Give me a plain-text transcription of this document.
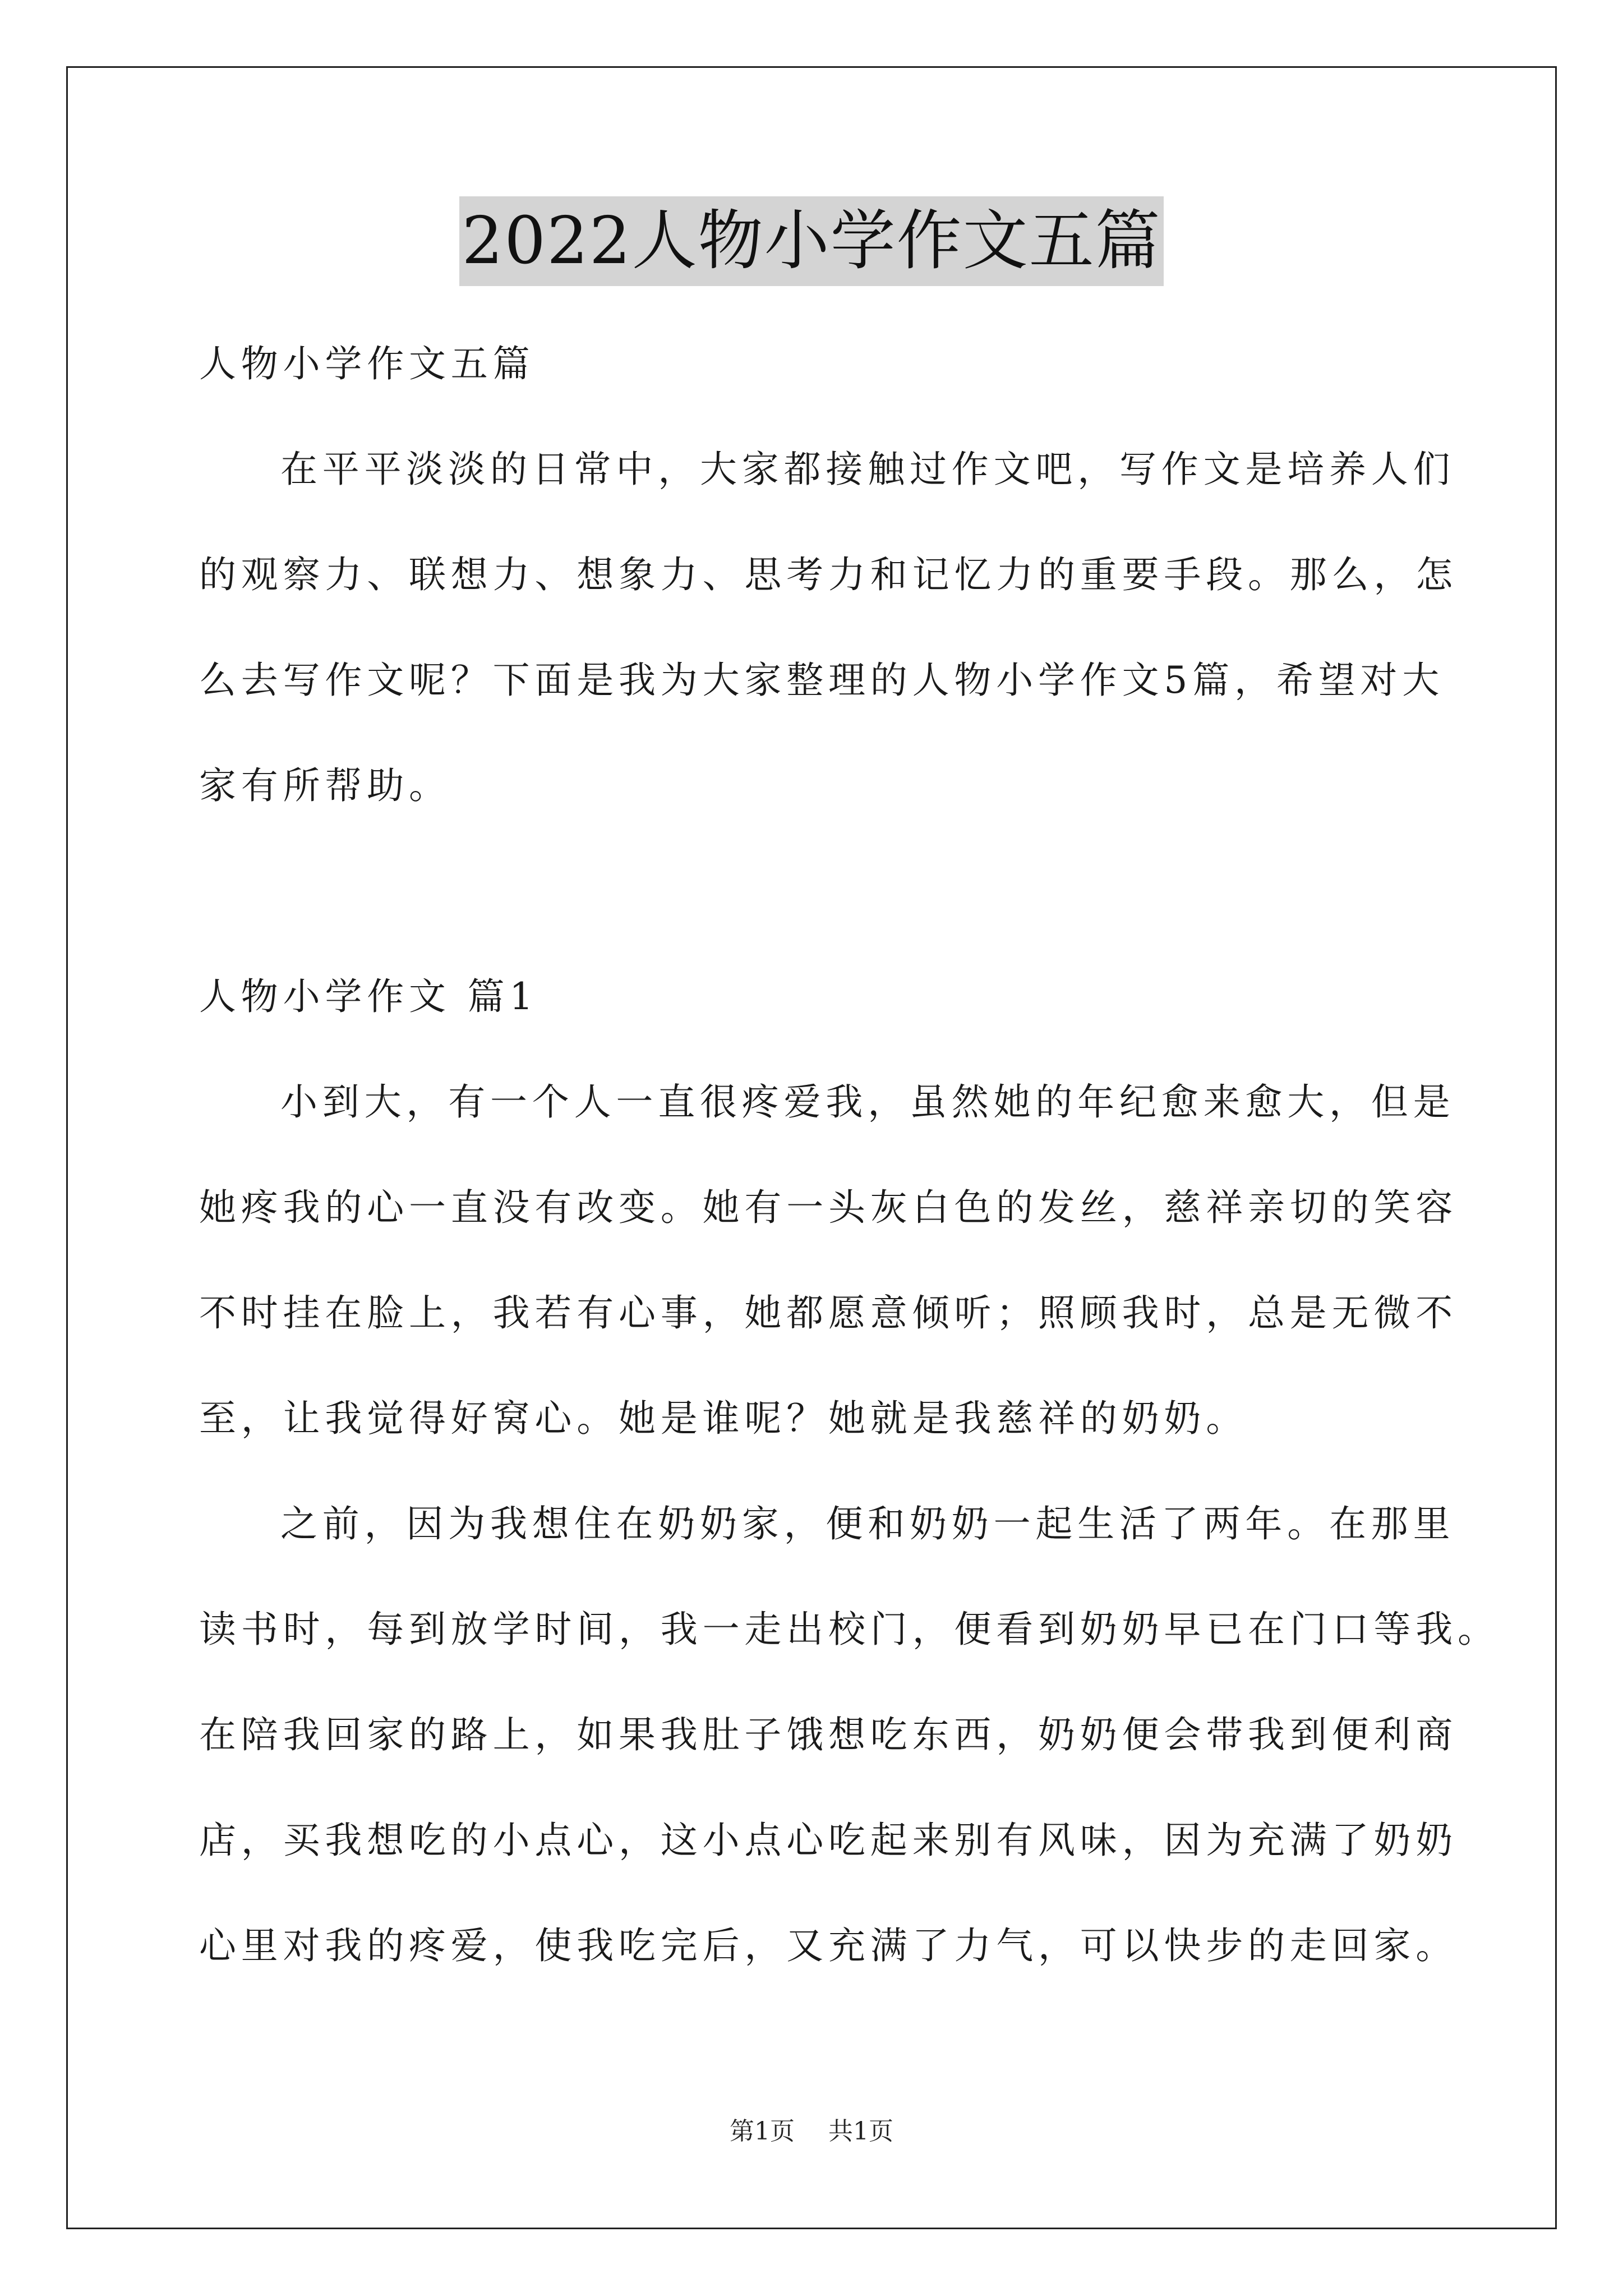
2022人物小学作文五篇
人物小学作文五篇
在平平淡淡的日常中，大家都接触过作文吧，写作文是培养人们
的观察力、联想力、想象力、思考力和记忆力的重要手段。那么，怎
么去写作文呢？下面是我为大家整理的人物小学作文5篇，希望对大
家有所帮助。
人物小学作文 篇1
小到大，有一个人一直很疼爱我，虽然她的年纪愈来愈大，但是
她疼我的心一直没有改变。她有一头灰白色的发丝，慈祥亲切的笑容
不时挂在脸上，我若有心事，她都愿意倾听；照顾我时，总是无微不
至，让我觉得好窝心。她是谁呢？她就是我慈祥的奶奶。
之前，因为我想住在奶奶家，便和奶奶一起生活了两年。在那里
读书时，每到放学时间，我一走出校门，便看到奶奶早已在门口等我。
在陪我回家的路上，如果我肚子饿想吃东西，奶奶便会带我到便利商
店，买我想吃的小点心，这小点心吃起来别有风味，因为充满了奶奶
心里对我的疼爱，使我吃完后，又充满了力气，可以快步的走回家。
第1页 共1页
